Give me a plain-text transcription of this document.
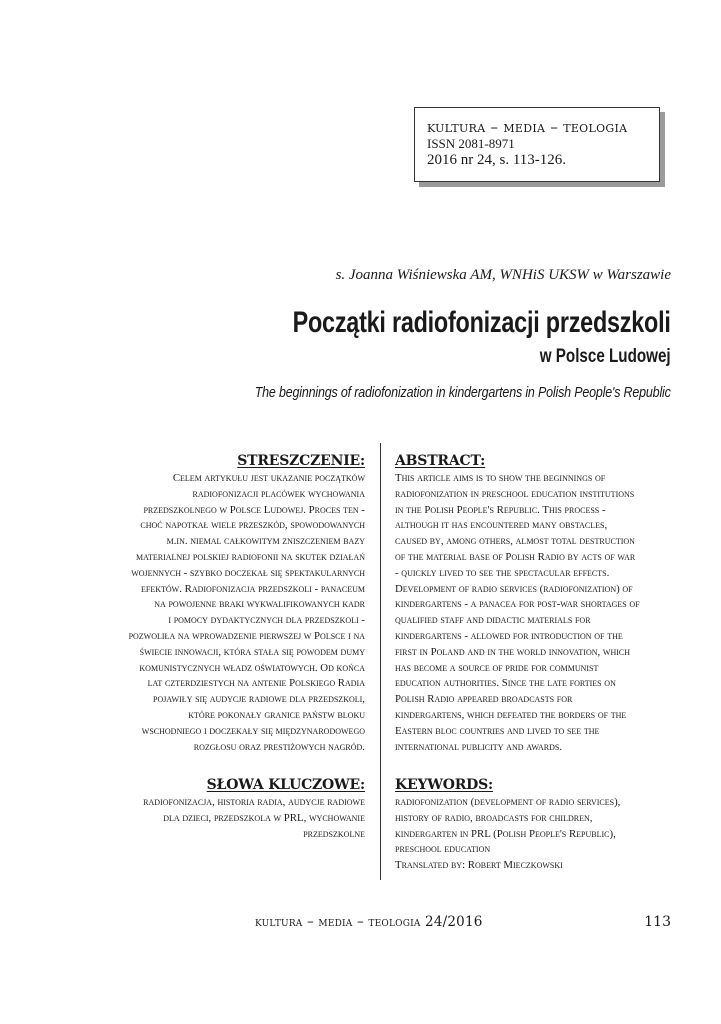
kultura – media – teologia
ISSN 2081-8971
2016 nr 24, s. 113-126.
s. Joanna Wiśniewska AM, WNHiS UKSW w Warszawie
Początki radiofonizacji przedszkoli
w Polsce Ludowej
The beginnings of radiofonization in kindergartens in Polish People's Republic
STRESZCZENIE:
Celem artykułu jest ukazanie początków
radiofonizacji placówek wychowania
przedszkolnego w Polsce Ludowej. Proces ten -
choć napotkał wiele przeszkód, spowodowanych
m.in. niemal całkowitym zniszczeniem bazy
materialnej polskiej radiofonii na skutek działań
wojennych - szybko doczekał się spektakularnych
efektów. Radiofonizacja przedszkoli - panaceum
na powojenne braki wykwalifikowanych kadr
i pomocy dydaktycznych dla przedszkoli -
pozwoliła na wprowadzenie pierwszej w Polsce i na
świecie innowacji, która stała się powodem dumy
komunistycznych władz oświatowych. Od końca
lat czterdziestych na antenie Polskiego Radia
pojawiły się audycje radiowe dla przedszkoli,
które pokonały granice państw bloku
wschodniego i doczekały się międzynarodowego
rozgłosu oraz prestiżowych nagród.
ABSTRACT:
This article aims is to show the beginnings of
radiofonization in preschool education institutions
in the Polish People's Republic. This process -
although it has encountered many obstacles,
caused by, among others, almost total destruction
of the material base of Polish Radio by acts of war
- quickly lived to see the spectacular effects.
Development of radio services (radiofonization) of
kindergartens - a panacea for post-war shortages of
qualified staff and didactic materials for
kindergartens - allowed for introduction of the
first in Poland and in the world innovation, which
has become a source of pride for communist
education authorities. Since the late forties on
Polish Radio appeared broadcasts for
kindergartens, which defeated the borders of the
Eastern bloc countries and lived to see the
international publicity and awards.
SŁOWA KLUCZOWE:
radiofonizacja, historia radia, audycje radiowe
dla dzieci, przedszkola w PRL, wychowanie
przedszkolne
KEYWORDS:
radiofonization (development of radio services),
history of radio, broadcasts for children,
kindergarten in PRL (Polish People's Republic),
preschool education
Translated by: Robert Mieczkowski
kultura – media – teologia 24/2016	113
